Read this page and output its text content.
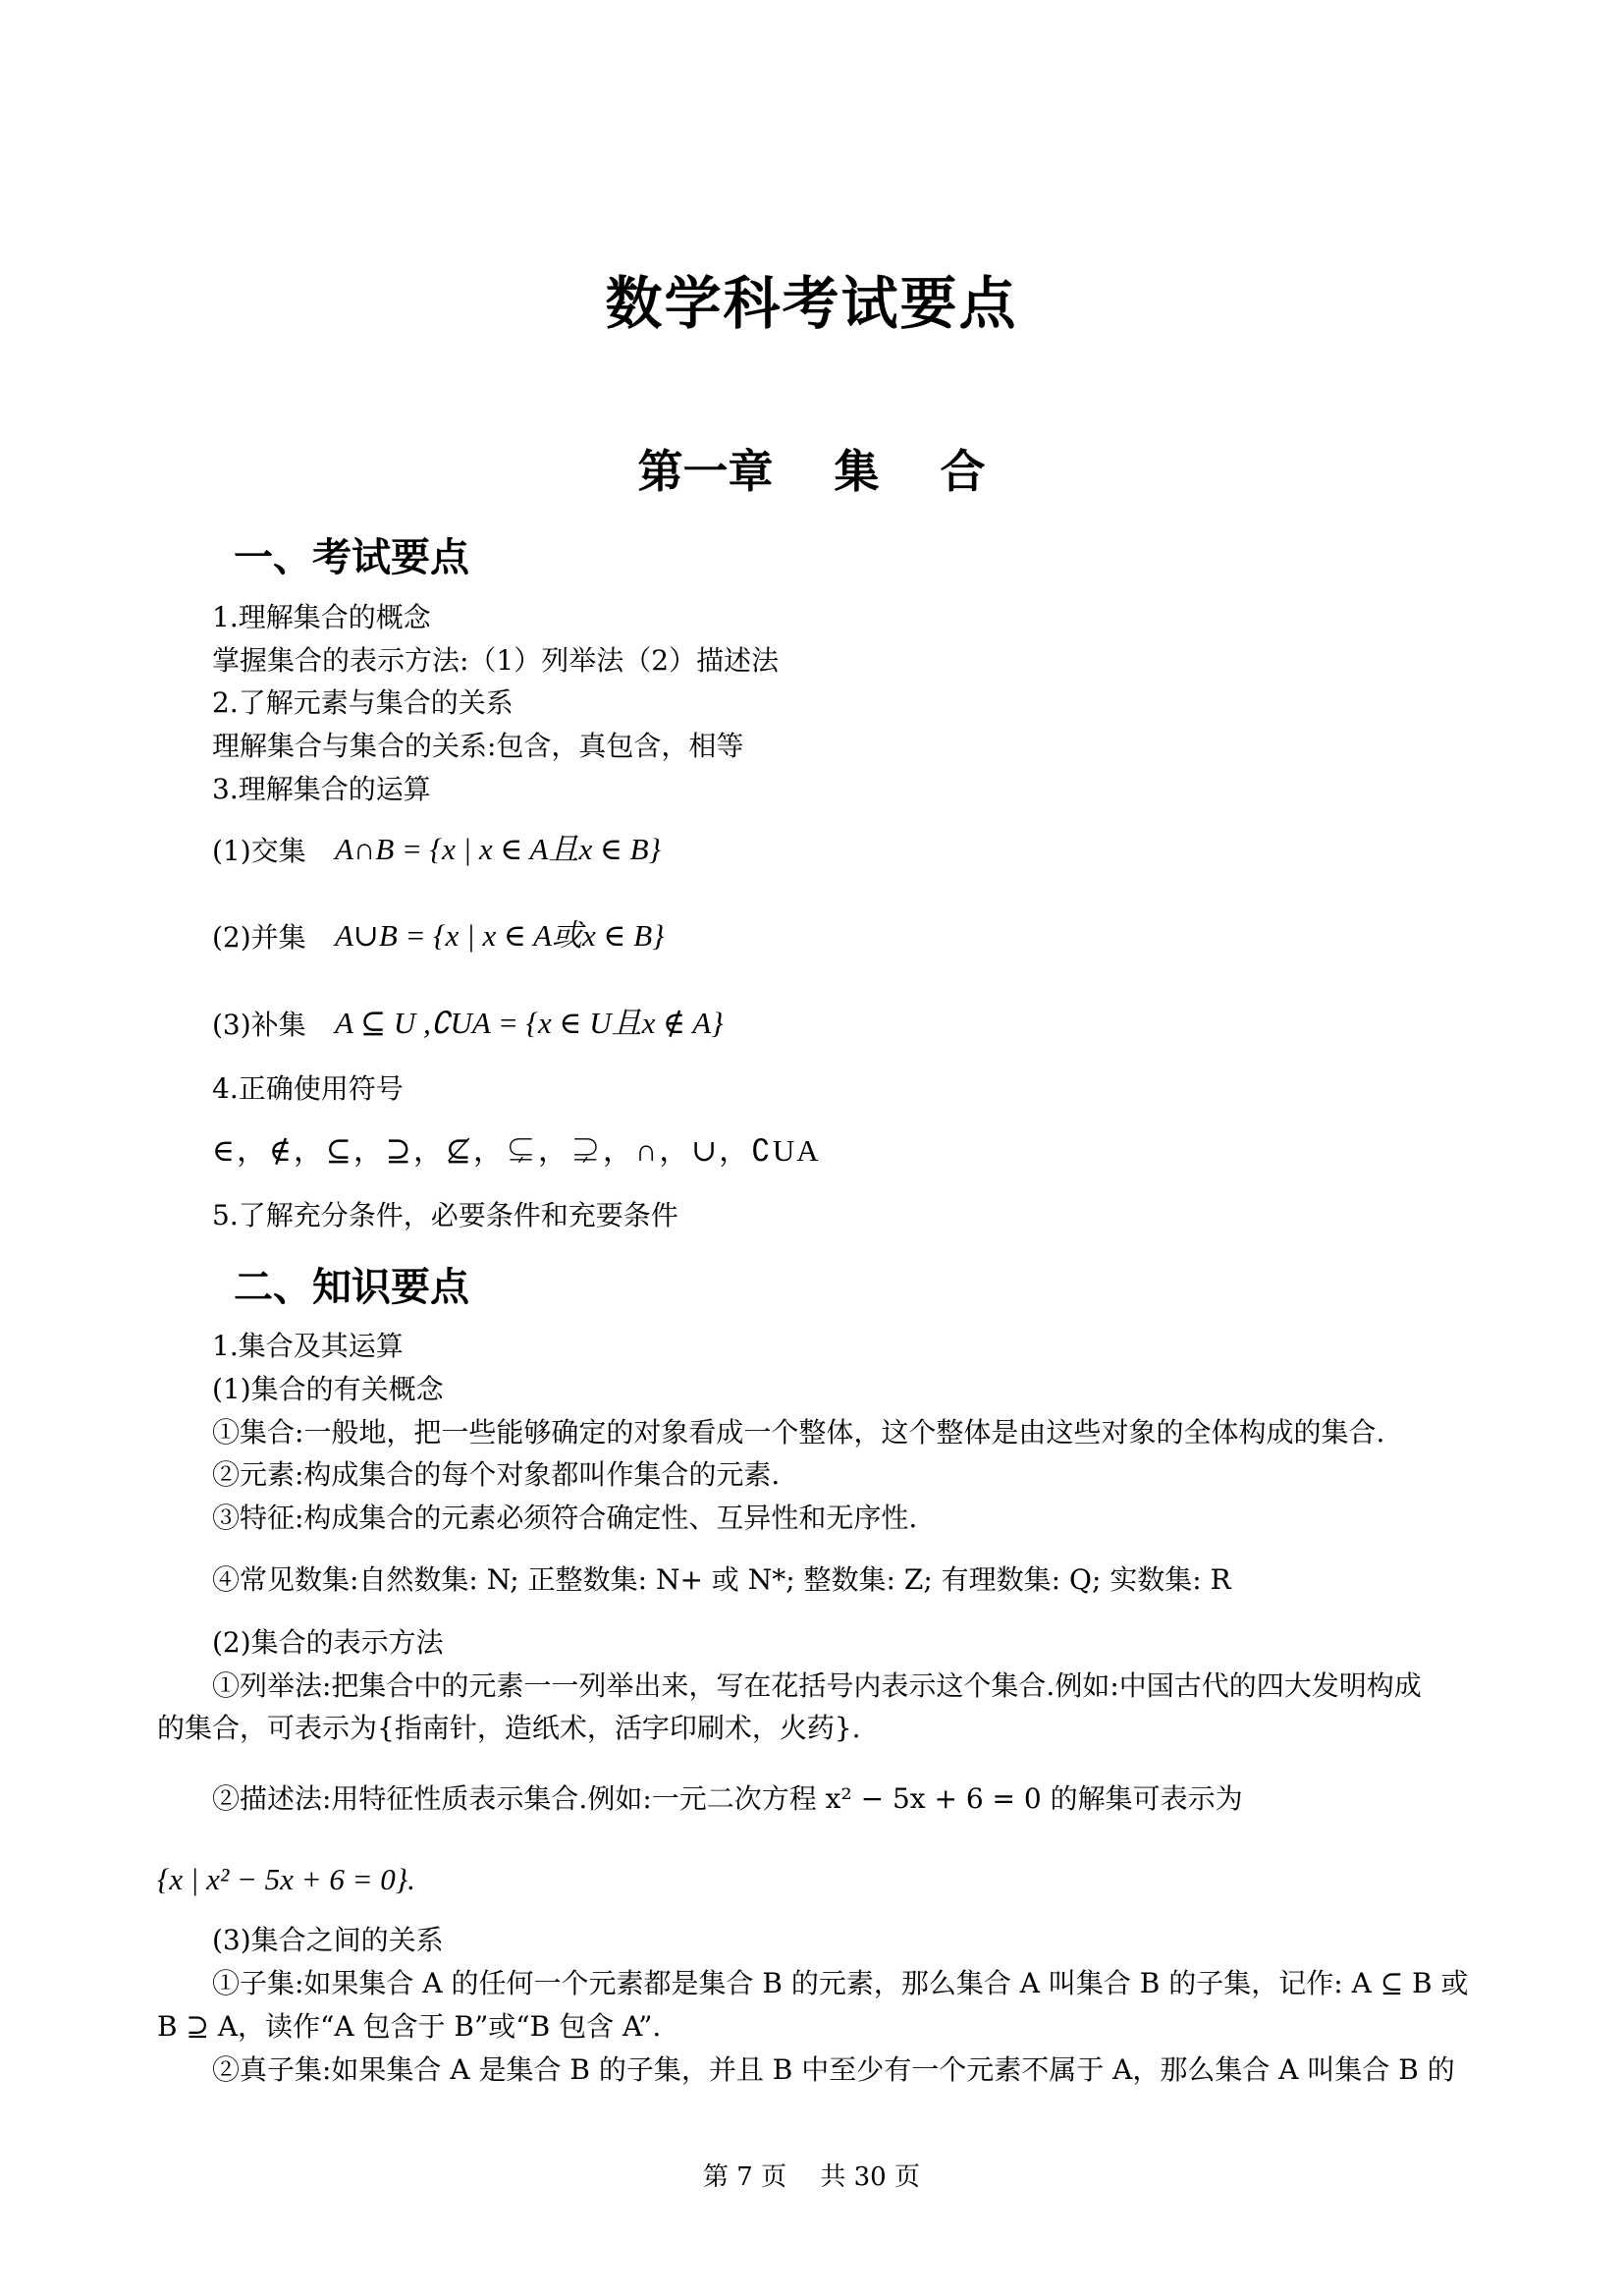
数学科考试要点
第一章　 集　 合
一、考试要点
1.理解集合的概念
掌握集合的表示方法:（1）列举法（2）描述法
2.了解元素与集合的关系
理解集合与集合的关系:包含，真包含，相等
3.理解集合的运算
(1)交集 A∩B = {x | x ∈ A且x ∈ B}
(2)并集 A∪B = {x | x ∈ A或x ∈ B}
(3)补集 A ⊆ U ,∁UA = {x ∈ U且x ∉ A}
4.正确使用符号
∈，∉，⊆，⊇，⊈，⊊，⊋，∩，∪，∁UA
5.了解充分条件，必要条件和充要条件
二、知识要点
1.集合及其运算
(1)集合的有关概念
①集合:一般地，把一些能够确定的对象看成一个整体，这个整体是由这些对象的全体构成的集合.
②元素:构成集合的每个对象都叫作集合的元素.
③特征:构成集合的元素必须符合确定性、互异性和无序性.
④常见数集:自然数集: N; 正整数集: N+ 或 N*; 整数集: Z; 有理数集: Q; 实数集: R
(2)集合的表示方法
①列举法:把集合中的元素一一列举出来，写在花括号内表示这个集合.例如:中国古代的四大发明构成
的集合，可表示为{指南针，造纸术，活字印刷术，火药}.
②描述法:用特征性质表示集合.例如:一元二次方程 x² − 5x + 6 = 0 的解集可表示为
{x | x² − 5x + 6 = 0}.
(3)集合之间的关系
①子集:如果集合 A 的任何一个元素都是集合 B 的元素，那么集合 A 叫集合 B 的子集，记作: A ⊆ B 或
B ⊇ A，读作“A 包含于 B”或“B 包含 A”.
②真子集:如果集合 A 是集合 B 的子集，并且 B 中至少有一个元素不属于 A，那么集合 A 叫集合 B 的
第 7 页　 共 30 页
